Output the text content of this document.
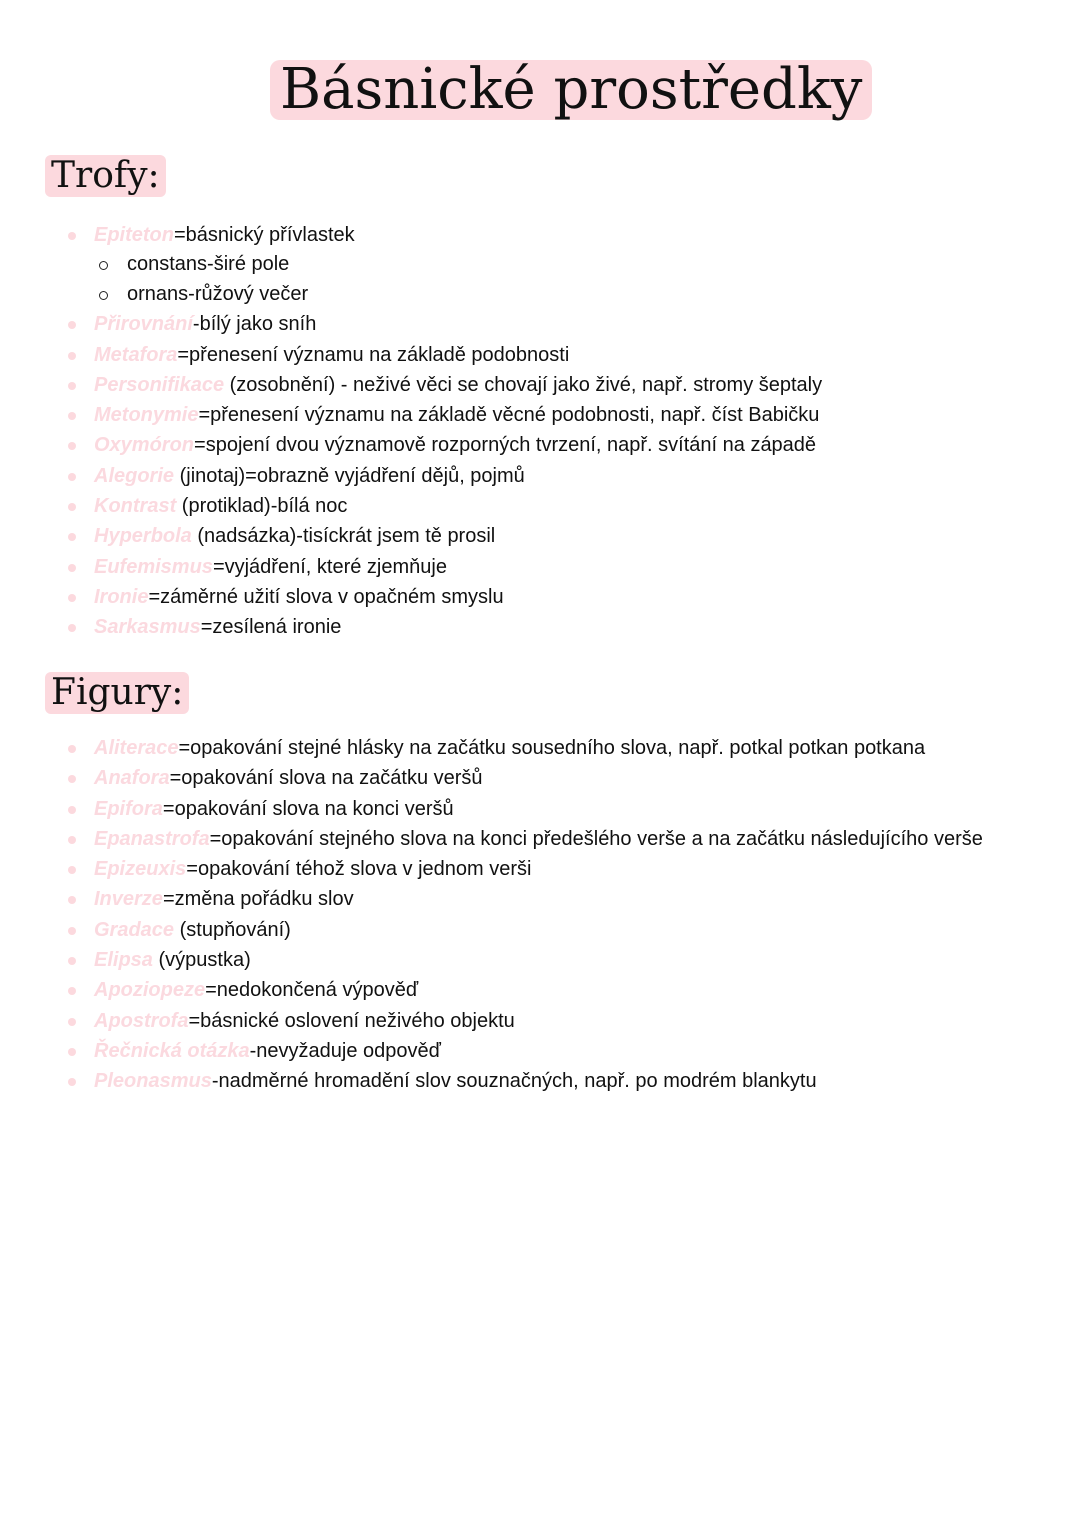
Básnické prostředky
Trofy:
Epiteton=básnický přívlastek
constans-širé pole
ornans-růžový večer
Přirovnání-bílý jako sníh
Metafora=přenesení významu na základě podobnosti
Personifikace (zosobnění) - neživé věci se chovají jako živé, např. stromy šeptaly
Metonymie=přenesení významu na základě věcné podobnosti, např. číst Babičku
Oxymóron=spojení dvou významově rozporných tvrzení, např. svítání na západě
Alegorie (jinotaj)=obrazně vyjádření dějů, pojmů
Kontrast (protiklad)-bílá noc
Hyperbola (nadsázka)-tisíckrát jsem tě prosil
Eufemismus=vyjádření, které zjemňuje
Ironie=záměrné užití slova v opačném smyslu
Sarkasmus=zesílená ironie
Figury:
Aliterace=opakování stejné hlásky na začátku sousedního slova, např. potkal potkan potkana
Anafora=opakování slova na začátku veršů
Epifora=opakování slova na konci veršů
Epanastrofa=opakování stejného slova na konci předešlého verše a na začátku následujícího verše
Epizeuxis=opakování téhož slova v jednom verši
Inverze=změna pořádku slov
Gradace (stupňování)
Elipsa (výpustka)
Apoziopeze=nedokončená výpověď
Apostrofa=básnické oslovení neživého objektu
Řečnická otázka-nevyžaduje odpověď
Pleonasmus-nadměrné hromadění slov souznačných, např. po modrém blankytu
